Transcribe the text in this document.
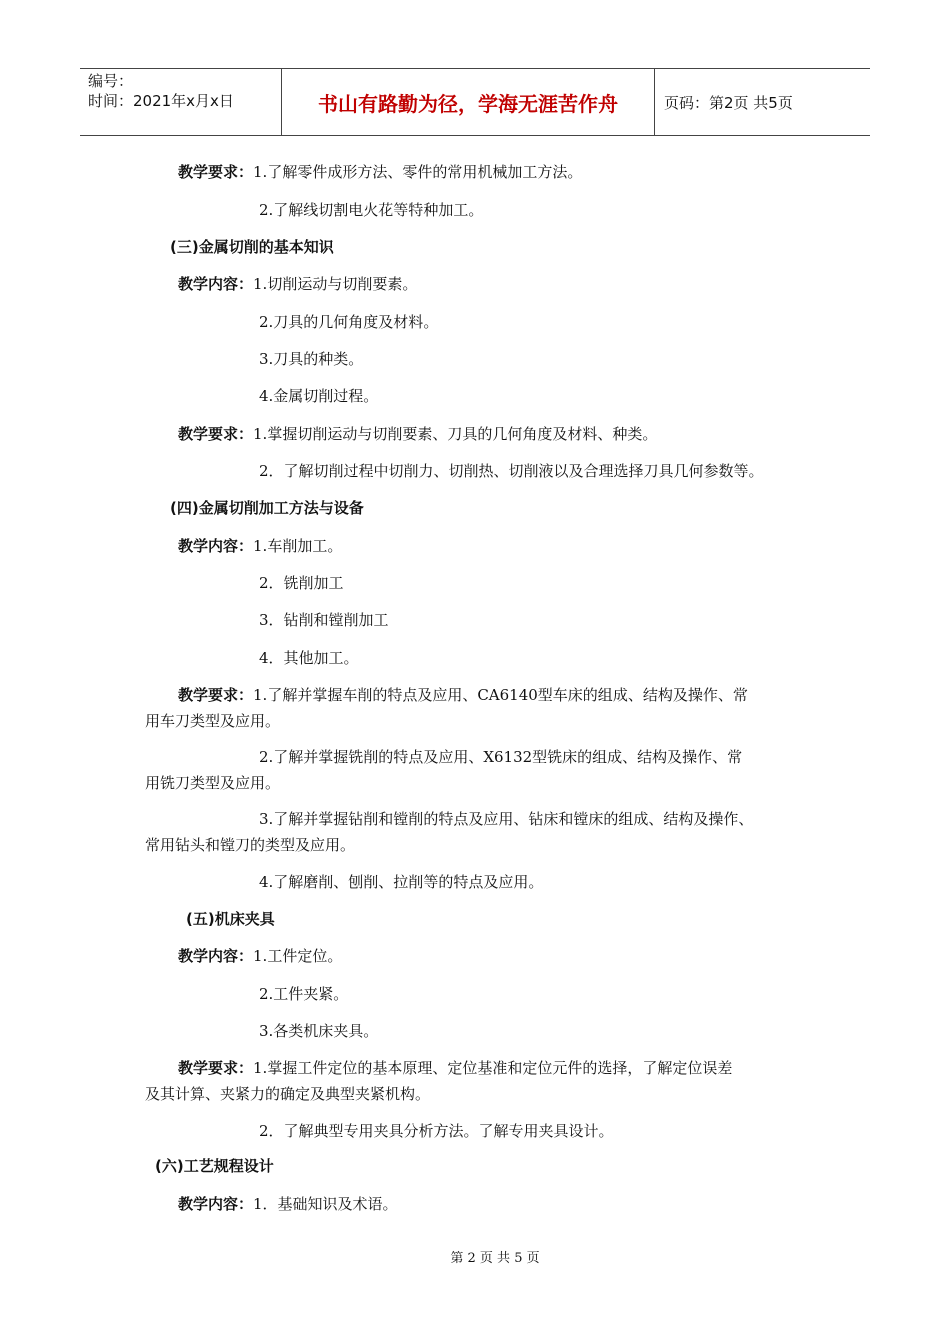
编号：
时间：2021年x月x日	书山有路勤为径，学海无涯苦作舟	页码：第2页 共5页
教学要求：1.了解零件成形方法、零件的常用机械加工方法。
2.了解线切割电火花等特种加工。
(三)金属切削的基本知识
教学内容：1.切削运动与切削要素。
2.刀具的几何角度及材料。
3.刀具的种类。
4.金属切削过程。
教学要求：1.掌握切削运动与切削要素、刀具的几何角度及材料、种类。
2．了解切削过程中切削力、切削热、切削液以及合理选择刀具几何参数等。
(四)金属切削加工方法与设备
教学内容：1.车削加工。
2．铣削加工
3．钻削和镗削加工
4．其他加工。
教学要求：1.了解并掌握车削的特点及应用、CA6140型车床的组成、结构及操作、常
用车刀类型及应用。
2.了解并掌握铣削的特点及应用、X6132型铣床的组成、结构及操作、常
用铣刀类型及应用。
3.了解并掌握钻削和镗削的特点及应用、钻床和镗床的组成、结构及操作、
常用钻头和镗刀的类型及应用。
4.了解磨削、刨削、拉削等的特点及应用。
(五)机床夹具
教学内容：1.工件定位。
2.工件夹紧。
3.各类机床夹具。
教学要求：1.掌握工件定位的基本原理、定位基准和定位元件的选择，了解定位误差
及其计算、夹紧力的确定及典型夹紧机构。
2．了解典型专用夹具分析方法。了解专用夹具设计。
(六)工艺规程设计
教学内容：1．基础知识及术语。
第 2 页 共 5 页
